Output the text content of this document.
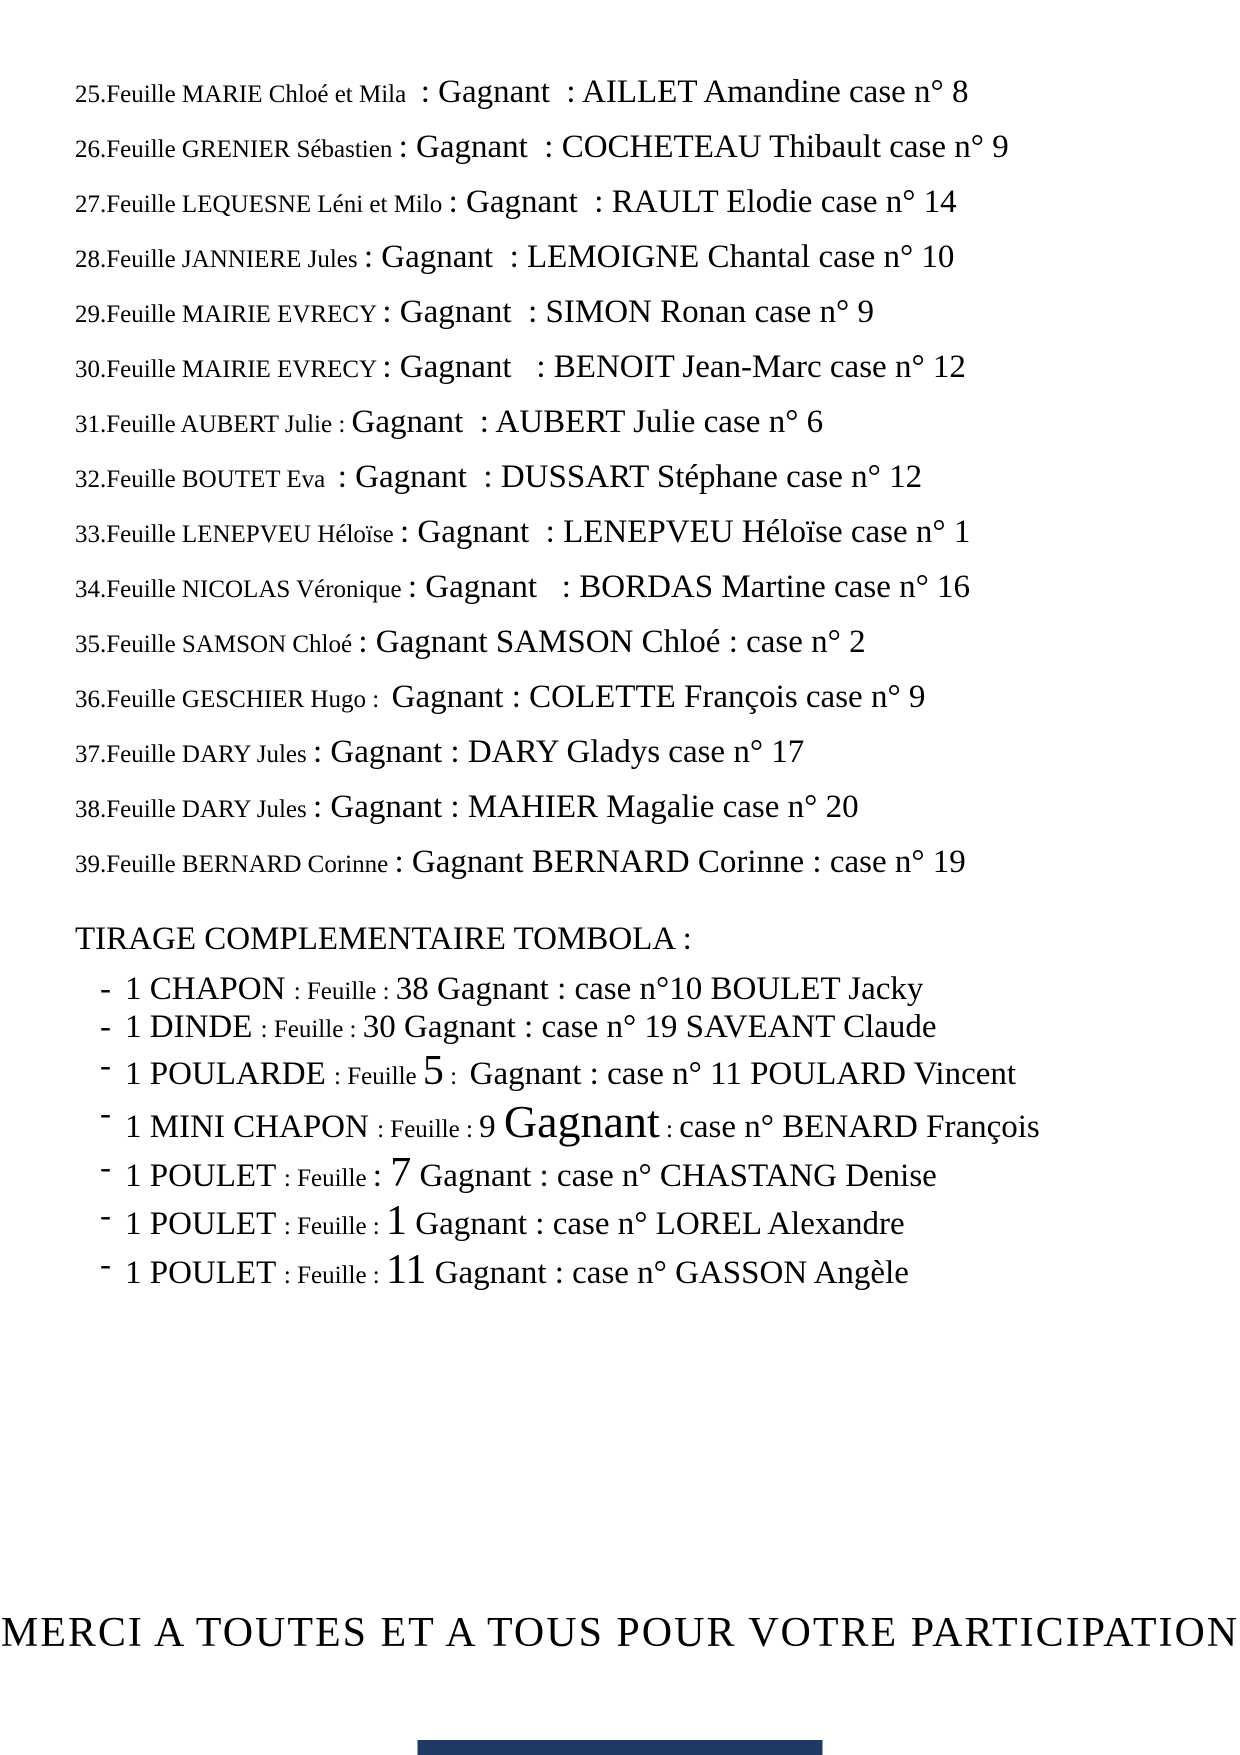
25.Feuille MARIE Chloé et Mila  : Gagnant  : AILLET Amandine case n° 8
26.Feuille GRENIER Sébastien : Gagnant  : COCHETEAU Thibault case n° 9
27.Feuille LEQUESNE Léni et Milo : Gagnant  : RAULT Elodie case n° 14
28.Feuille JANNIERE Jules : Gagnant  : LEMOIGNE Chantal case n° 10
29.Feuille MAIRIE EVRECY : Gagnant  : SIMON Ronan case n° 9
30.Feuille MAIRIE EVRECY : Gagnant   : BENOIT Jean-Marc case n° 12
31.Feuille AUBERT Julie : Gagnant  : AUBERT Julie case n° 6
32.Feuille BOUTET Eva  : Gagnant  : DUSSART Stéphane case n° 12
33.Feuille LENEPVEU Héloïse : Gagnant  : LENEPVEU Héloïse case n° 1
34.Feuille NICOLAS Véronique : Gagnant   : BORDAS Martine case n° 16
35.Feuille SAMSON Chloé : Gagnant SAMSON Chloé : case n° 2
36.Feuille GESCHIER Hugo :  Gagnant : COLETTE François case n° 9
37.Feuille DARY Jules : Gagnant : DARY Gladys case n° 17
38.Feuille DARY Jules : Gagnant : MAHIER Magalie case n° 20
39.Feuille BERNARD Corinne : Gagnant BERNARD Corinne : case n° 19
TIRAGE COMPLEMENTAIRE TOMBOLA :
- 1 CHAPON : Feuille : 38 Gagnant : case n°10 BOULET Jacky
- 1 DINDE : Feuille : 30 Gagnant : case n° 19 SAVEANT Claude
- 1 POULARDE : Feuille 5 :  Gagnant : case n° 11 POULARD Vincent
- 1 MINI CHAPON : Feuille : 9 Gagnant : case n° BENARD François
- 1 POULET : Feuille : 7 Gagnant : case n° CHASTANG Denise
- 1 POULET : Feuille : 1 Gagnant : case n° LOREL Alexandre
- 1 POULET : Feuille : 11 Gagnant : case n° GASSON Angèle
MERCI A TOUTES ET A TOUS POUR VOTRE PARTICIPATION
